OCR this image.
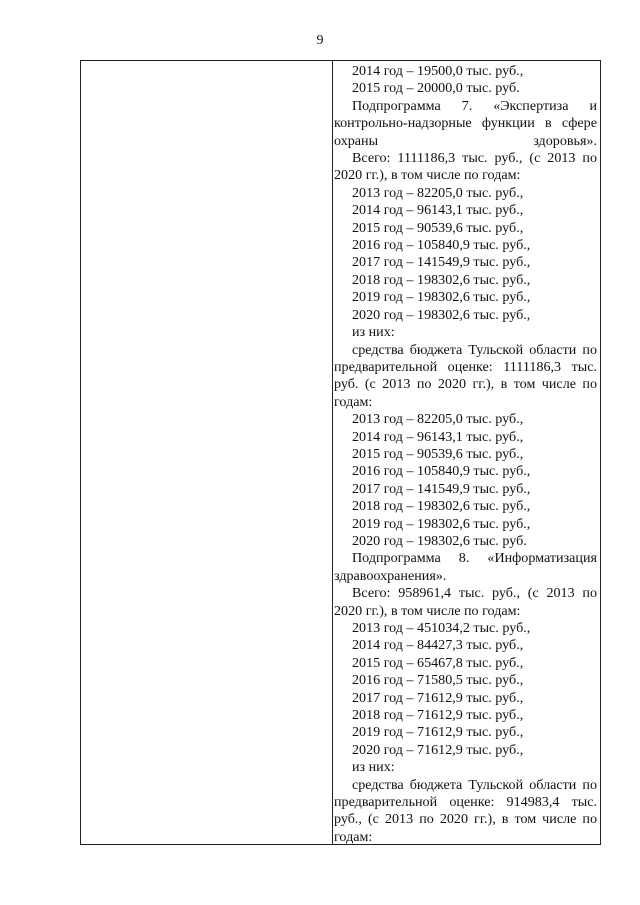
9
2014 год – 19500,0 тыс. руб.,
2015 год – 20000,0 тыс. руб.
Подпрограмма 7. «Экспертиза и контрольно-надзорные функции в сфере охраны здоровья».
Всего: 1111186,3 тыс. руб., (с 2013 по 2020 гг.), в том числе по годам:
2013 год – 82205,0 тыс. руб.,
2014 год – 96143,1 тыс. руб.,
2015 год – 90539,6 тыс. руб.,
2016 год – 105840,9 тыс. руб.,
2017 год – 141549,9 тыс. руб.,
2018 год – 198302,6 тыс. руб.,
2019 год – 198302,6 тыс. руб.,
2020 год – 198302,6 тыс. руб.,
из них:
средства бюджета Тульской области по предварительной оценке: 1111186,3 тыс. руб. (с 2013 по 2020 гг.), в том числе по годам:
2013 год – 82205,0 тыс. руб.,
2014 год – 96143,1 тыс. руб.,
2015 год – 90539,6 тыс. руб.,
2016 год – 105840,9 тыс. руб.,
2017 год – 141549,9 тыс. руб.,
2018 год – 198302,6 тыс. руб.,
2019 год – 198302,6 тыс. руб.,
2020 год – 198302,6 тыс. руб.
Подпрограмма 8. «Информатизация здравоохранения».
Всего: 958961,4 тыс. руб., (с 2013 по 2020 гг.), в том числе по годам:
2013 год – 451034,2 тыс. руб.,
2014 год – 84427,3 тыс. руб.,
2015 год – 65467,8 тыс. руб.,
2016 год – 71580,5 тыс. руб.,
2017 год – 71612,9 тыс. руб.,
2018 год – 71612,9 тыс. руб.,
2019 год – 71612,9 тыс. руб.,
2020 год – 71612,9 тыс. руб.,
из них:
средства бюджета Тульской области по предварительной оценке: 914983,4 тыс. руб., (с 2013 по 2020 гг.), в том числе по годам:
